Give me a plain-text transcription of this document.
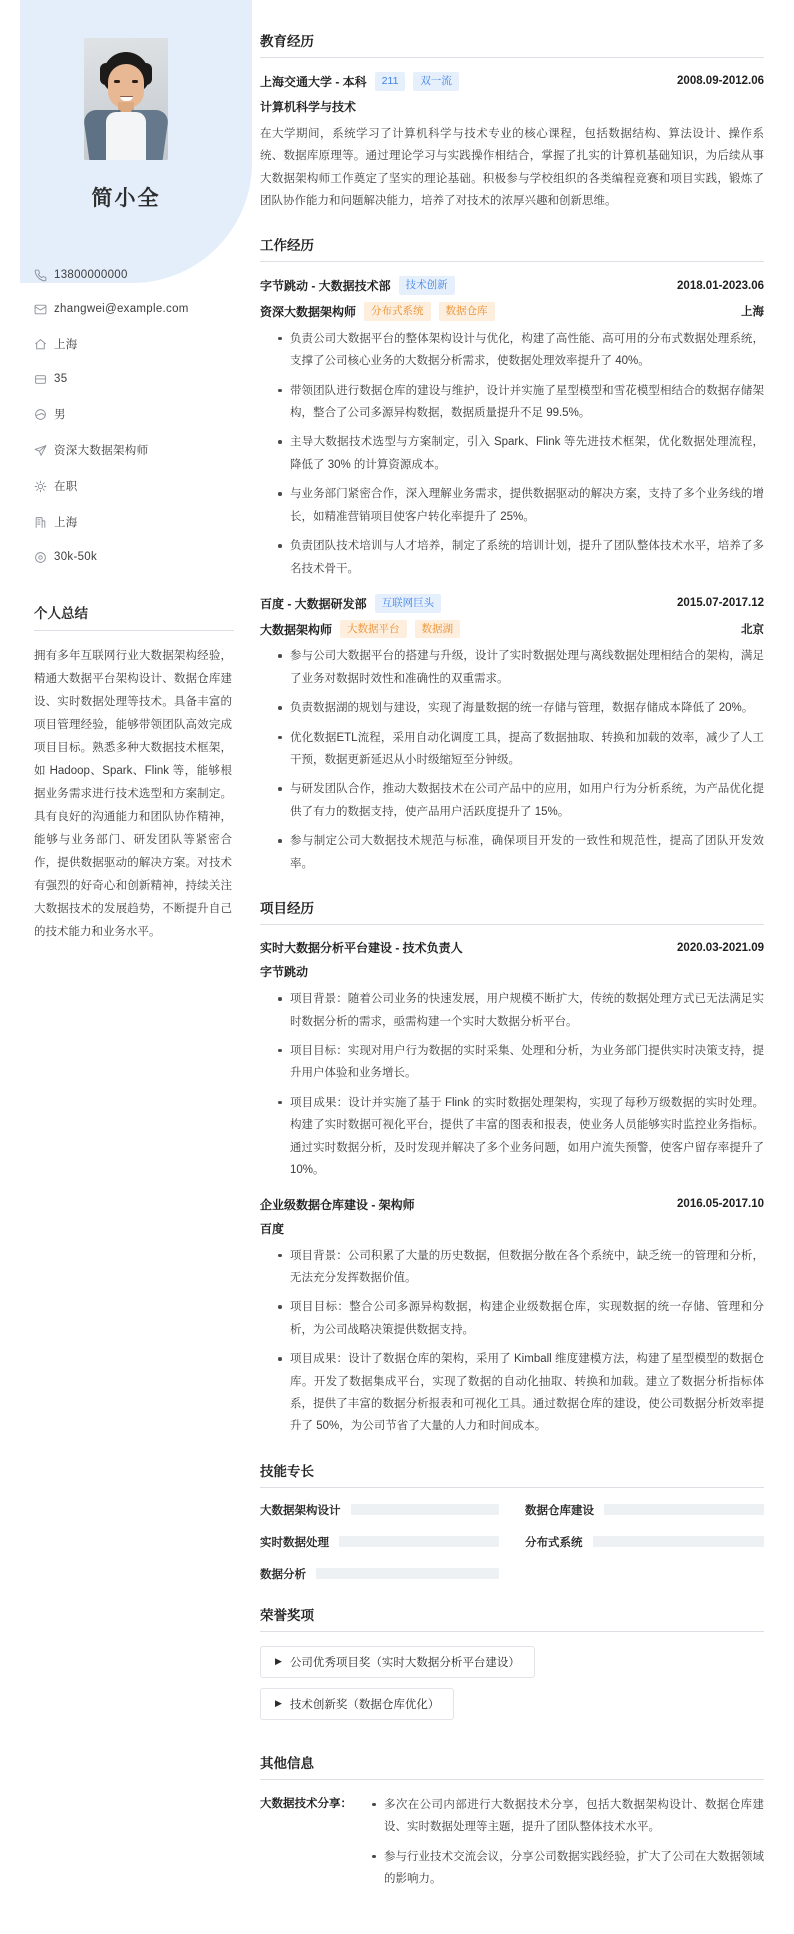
简小全
13800000000
zhangwei@example.com
上海
35
男
资深大数据架构师
在职
上海
30k-50k
个人总结
拥有多年互联网行业大数据架构经验，精通大数据平台架构设计、数据仓库建设、实时数据处理等技术。具备丰富的项目管理经验，能够带领团队高效完成项目目标。熟悉多种大数据技术框架，如 Hadoop、Spark、Flink 等，能够根据业务需求进行技术选型和方案制定。具有良好的沟通能力和团队协作精神，能够与业务部门、研发团队等紧密合作，提供数据驱动的解决方案。对技术有强烈的好奇心和创新精神，持续关注大数据技术的发展趋势，不断提升自己的技术能力和业务水平。
教育经历
上海交通大学 - 本科	211	双一流	2008.09-2012.06
计算机科学与技术

在大学期间，系统学习了计算机科学与技术专业的核心课程，包括数据结构、算法设计、操作系统、数据库原理等。通过理论学习与实践操作相结合，掌握了扎实的计算机基础知识，为后续从事大数据架构师工作奠定了坚实的理论基础。积极参与学校组织的各类编程竞赛和项目实践，锻炼了团队协作能力和问题解决能力，培养了对技术的浓厚兴趣和创新思维。

工作经历
字节跳动 - 大数据技术部	技术创新	2018.01-2023.06
资深大数据架构师	分布式系统	数据仓库	上海
负责公司大数据平台的整体架构设计与优化，构建了高性能、高可用的分布式数据处理系统，支撑了公司核心业务的大数据分析需求，使数据处理效率提升了 40%。
带领团队进行数据仓库的建设与维护，设计并实施了星型模型和雪花模型相结合的数据存储架构，整合了公司多源异构数据，数据质量提升不足 99.5%。
主导大数据技术选型与方案制定，引入 Spark、Flink 等先进技术框架，优化数据处理流程，降低了 30% 的计算资源成本。
与业务部门紧密合作，深入理解业务需求，提供数据驱动的解决方案，支持了多个业务线的增长，如精准营销项目使客户转化率提升了 25%。
负责团队技术培训与人才培养，制定了系统的培训计划，提升了团队整体技术水平，培养了多名技术骨干。
百度 - 大数据研发部	互联网巨头	2015.07-2017.12
大数据架构师	大数据平台	数据湖	北京
参与公司大数据平台的搭建与升级，设计了实时数据处理与离线数据处理相结合的架构，满足了业务对数据时效性和准确性的双重需求。
负责数据湖的规划与建设，实现了海量数据的统一存储与管理，数据存储成本降低了 20%。
优化数据ETL流程，采用自动化调度工具，提高了数据抽取、转换和加载的效率，减少了人工干预，数据更新延迟从小时级缩短至分钟级。
与研发团队合作，推动大数据技术在公司产品中的应用，如用户行为分析系统，为产品优化提供了有力的数据支持，使产品用户活跃度提升了 15%。
参与制定公司大数据技术规范与标准，确保项目开发的一致性和规范性，提高了团队开发效率。
项目经历
实时大数据分析平台建设 - 技术负责人	2020.03-2021.09
字节跳动
项目背景：随着公司业务的快速发展，用户规模不断扩大，传统的数据处理方式已无法满足实时数据分析的需求，亟需构建一个实时大数据分析平台。
项目目标：实现对用户行为数据的实时采集、处理和分析，为业务部门提供实时决策支持，提升用户体验和业务增长。
项目成果：设计并实施了基于 Flink 的实时数据处理架构，实现了每秒万级数据的实时处理。构建了实时数据可视化平台，提供了丰富的图表和报表，使业务人员能够实时监控业务指标。通过实时数据分析，及时发现并解决了多个业务问题，如用户流失预警，使客户留存率提升了 10%。
企业级数据仓库建设 - 架构师	2016.05-2017.10
百度
项目背景：公司积累了大量的历史数据，但数据分散在各个系统中，缺乏统一的管理和分析，无法充分发挥数据价值。
项目目标：整合公司多源异构数据，构建企业级数据仓库，实现数据的统一存储、管理和分析，为公司战略决策提供数据支持。
项目成果：设计了数据仓库的架构，采用了 Kimball 维度建模方法，构建了星型模型的数据仓库。开发了数据集成平台，实现了数据的自动化抽取、转换和加载。建立了数据分析指标体系，提供了丰富的数据分析报表和可视化工具。通过数据仓库的建设，使公司数据分析效率提升了 50%，为公司节省了大量的人力和时间成本。
技能专长
大数据架构设计	数据仓库建设
实时数据处理	分布式系统
数据分析
荣誉奖项
▶ 公司优秀项目奖（实时大数据分析平台建设）
▶ 技术创新奖（数据仓库优化）
其他信息
大数据技术分享：	多次在公司内部进行大数据技术分享，包括大数据架构设计、数据仓库建设、实时数据处理等主题，提升了团队整体技术水平。
参与行业技术交流会议，分享公司数据实践经验，扩大了公司在大数据领域的影响力。
